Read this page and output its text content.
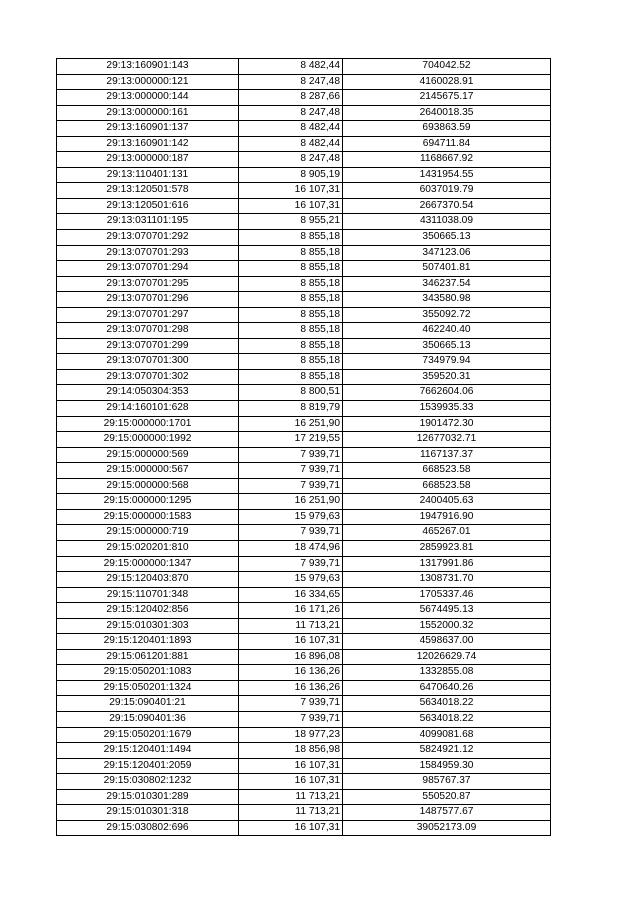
29:13:160901:143	8 482,44	704042.52
29:13:000000:121	8 247,48	4160028.91
29:13:000000:144	8 287,66	2145675.17
29:13:000000:161	8 247,48	2640018.35
29:13:160901:137	8 482,44	693863.59
29:13:160901:142	8 482,44	694711.84
29:13:000000:187	8 247,48	1168667.92
29:13:110401:131	8 905,19	1431954.55
29:13:120501:578	16 107,31	6037019.79
29:13:120501:616	16 107,31	2667370.54
29:13:031101:195	8 955,21	4311038.09
29:13:070701:292	8 855,18	350665.13
29:13:070701:293	8 855,18	347123.06
29:13:070701:294	8 855,18	507401.81
29:13:070701:295	8 855,18	346237.54
29:13:070701:296	8 855,18	343580.98
29:13:070701:297	8 855,18	355092.72
29:13:070701:298	8 855,18	462240.40
29:13:070701:299	8 855,18	350665.13
29:13:070701:300	8 855,18	734979.94
29:13:070701:302	8 855,18	359520.31
29:14:050304:353	8 800,51	7662604.06
29:14:160101:628	8 819,79	1539935.33
29:15:000000:1701	16 251,90	1901472.30
29:15:000000:1992	17 219,55	12677032.71
29:15:000000:569	7 939,71	1167137.37
29:15:000000:567	7 939,71	668523.58
29:15:000000:568	7 939,71	668523.58
29:15:000000:1295	16 251,90	2400405.63
29:15:000000:1583	15 979,63	1947916.90
29:15:000000:719	7 939,71	465267.01
29:15:020201:810	18 474,96	2859923.81
29:15:000000:1347	7 939,71	1317991.86
29:15:120403:870	15 979,63	1308731.70
29:15:110701:348	16 334,65	1705337.46
29:15:120402:856	16 171,26	5674495.13
29:15:010301:303	11 713,21	1552000.32
29:15:120401:1893	16 107,31	4598637.00
29:15:061201:881	16 896,08	12026629.74
29:15:050201:1083	16 136,26	1332855.08
29:15:050201:1324	16 136,26	6470640.26
29:15:090401:21	7 939,71	5634018.22
29:15:090401:36	7 939,71	5634018.22
29:15:050201:1679	18 977,23	4099081.68
29:15:120401:1494	18 856,98	5824921.12
29:15:120401:2059	16 107,31	1584959.30
29:15:030802:1232	16 107,31	985767.37
29:15:010301:289	11 713,21	550520.87
29:15:010301:318	11 713,21	1487577.67
29:15:030802:696	16 107,31	39052173.09
